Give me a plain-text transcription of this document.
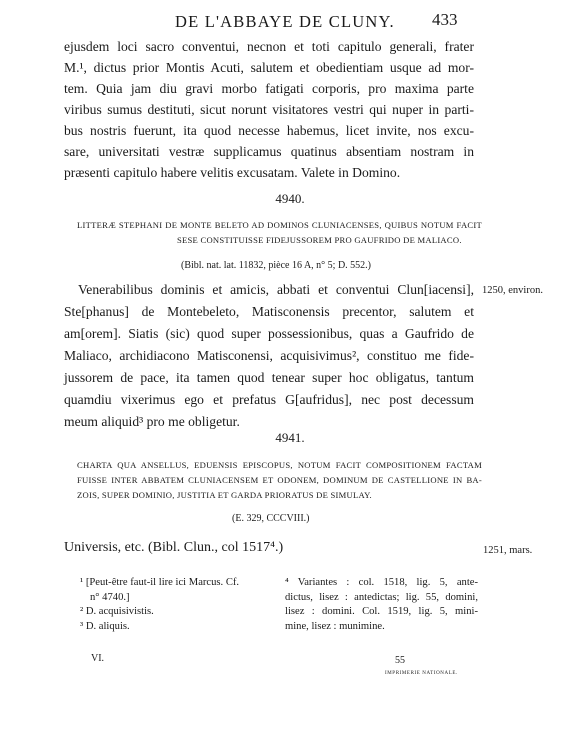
DE L'ABBAYE DE CLUNY. 433
ejusdem loci sacro conventui, necnon et toti capitulo generali, frater
M.¹, dictus prior Montis Acuti, salutem et obedientiam usque ad mor-
tem. Quia jam diu gravi morbo fatigati corporis, pro maxima parte
viribus sumus destituti, sicut norunt visitatores vestri qui nuper in parti-
bus nostris fuerunt, ita quod necesse habemus, licet invite, nos excu-
sare, universitati vestræ supplicamus quatinus absentiam nostram in
præsenti capitulo habere velitis excusatam. Valete in Domino.
4940.
LITTERÆ STEPHANI DE MONTE BELETO AD DOMINOS CLUNIACENSES, QUIBUS NOTUM FACIT
SESE CONSTITUISSE FIDEJUSSOREM PRO GAUFRIDO DE MALIACO.
(Bibl. nat. lat. 11832, pièce 16 A, n° 5; D. 552.)
Venerabilibus dominis et amicis, abbati et conventui Clun[iacensi],
Ste[phanus] de Montebeleto, Matisconensis precentor, salutem et
am[orem]. Siatis (sic) quod super possessionibus, quas a Gaufrido de
Maliaco, archidiacono Matisconensi, acquisivimus², constituo me fide-
jussorem de pace, ita tamen quod tenear super hoc obligatus, tantum
quamdiu vixerimus ego et prefatus G[aufridus], nec post decessum
meum aliquid³ pro me obligetur.
1250, environ.
4941.
CHARTA QUA ANSELLUS, EDUENSIS EPISCOPUS, NOTUM FACIT COMPOSITIONEM FACTAM
FUISSE INTER ABBATEM CLUNIACENSEM ET ODONEM, DOMINUM DE CASTELLIONE IN BA-
ZOIS, SUPER DOMINIO, JUSTITIA ET GARDA PRIORATUS DE SIMULAY.
(E. 329, CCCVIII.)
Universis, etc. (Bibl. Clun., col 1517⁴.)	1251, mars.
¹ [Peut-être faut-il lire ici Marcus. Cf.
n° 4740.]
² D. acquisivistis.
³ D. aliquis.
⁴ Variantes : col. 1518, lig. 5, ante-
dictus, lisez : antedictas; lig. 55, domini,
lisez : domini. Col. 1519, lig. 5, mini-
mine, lisez : munimine.
VI.	55
IMPRIMERIE NATIONALE.
